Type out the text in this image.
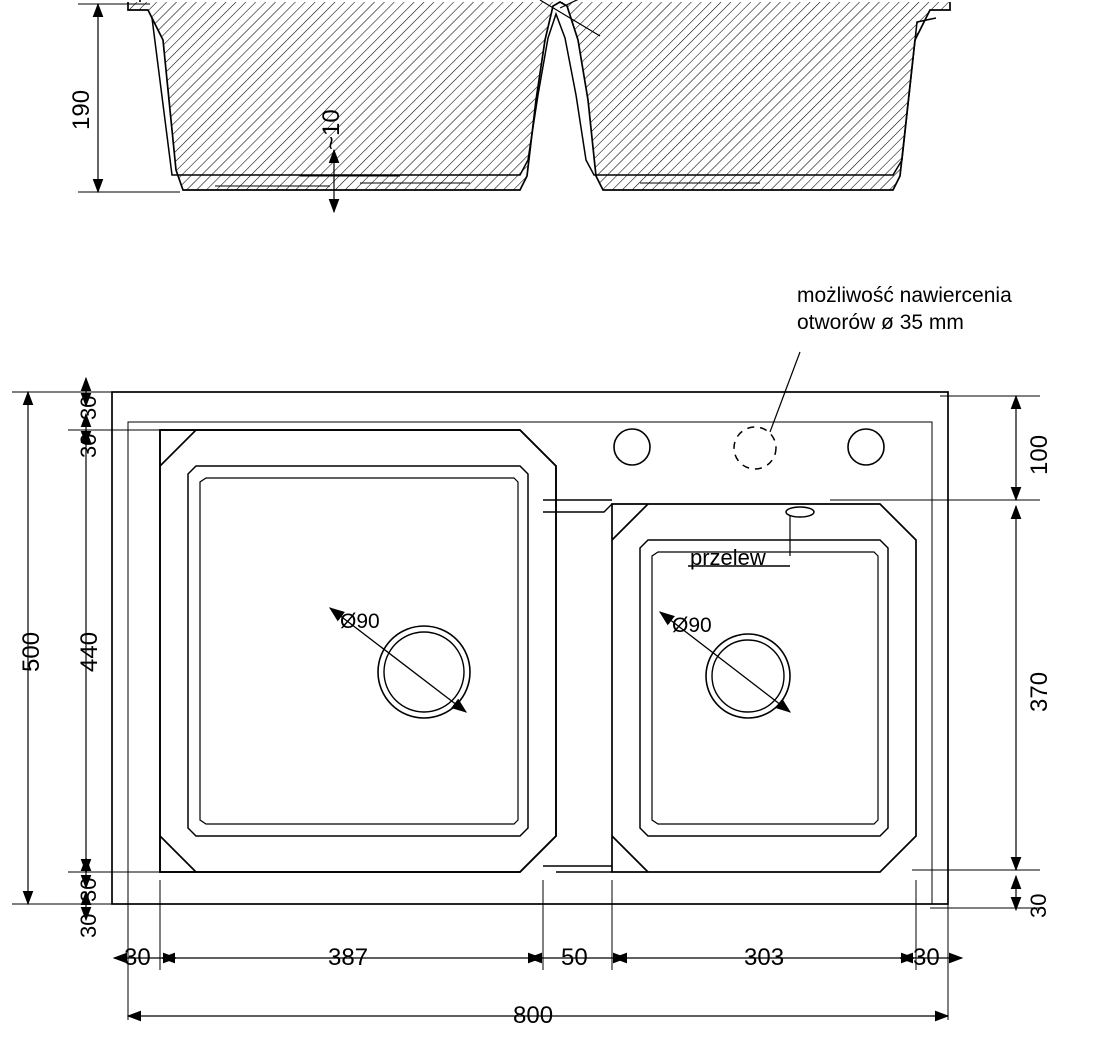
190	~10
możliwość nawiercenia
otworów ø 35 mm
przelew
Ø90	Ø90
500 440
30
30
30
30
100
370
30
30	387	50	303	30
800
